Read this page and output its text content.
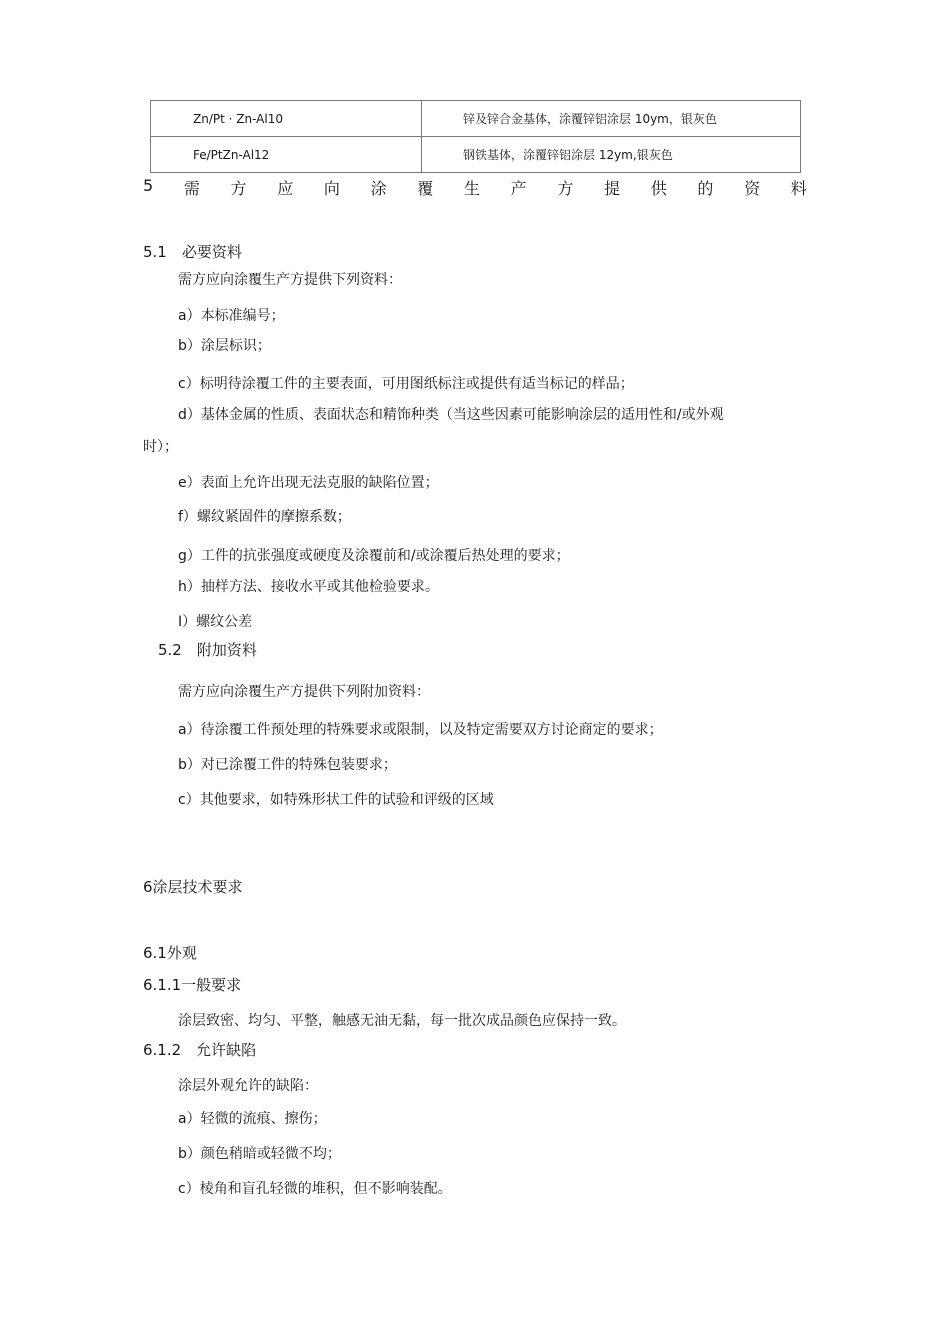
Zn/Pt · Zn-Al10	锌及锌合金基体，涂覆锌铝涂层 10ym，银灰色
Fe/PtZn-Al12	钢铁基体，涂覆锌铝涂层 12ym,银灰色
5 需 方 应 向 涂 覆 生 产 方 提 供 的 资 料
5.1　必要资料
需方应向涂覆生产方提供下列资料：
a）本标准编号；
b）涂层标识；
c）标明待涂覆工件的主要表面，可用图纸标注或提供有适当标记的样品；
d）基体金属的性质、表面状态和精饰种类（当这些因素可能影响涂层的适用性和/或外观
时）；
e）表面上允许出现无法克服的缺陷位置；
f）螺纹紧固件的摩擦系数；
g）工件的抗张强度或硬度及涂覆前和/或涂覆后热处理的要求；
h）抽样方法、接收水平或其他检验要求。
I）螺纹公差
5.2　附加资料
需方应向涂覆生产方提供下列附加资料：
a）待涂覆工件预处理的特殊要求或限制，以及特定需要双方讨论商定的要求；
b）对已涂覆工件的特殊包装要求；
c）其他要求，如特殊形状工件的试验和评级的区域
6涂层技术要求
6.1外观
6.1.1一般要求
涂层致密、均匀、平整，触感无油无黏，每一批次成品颜色应保持一致。
6.1.2　允许缺陷
涂层外观允许的缺陷：
a）轻微的流痕、擦伤；
b）颜色稍暗或轻微不均；
c）棱角和盲孔轻微的堆积，但不影响装配。
